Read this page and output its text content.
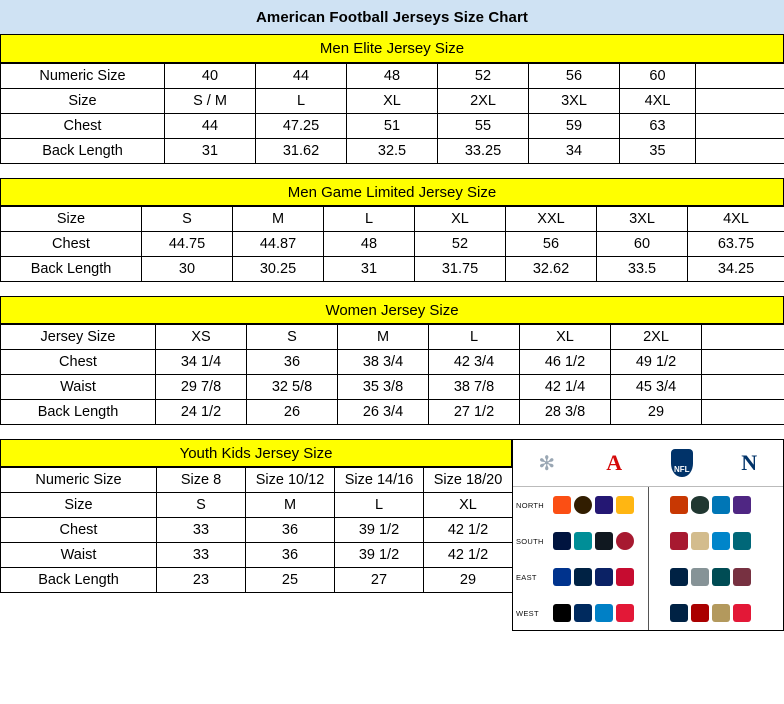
American Football Jerseys Size Chart
Men Elite Jersey Size
Numeric Size	40	44	48	52	56	60	
Size	S / M	L	XL	2XL	3XL	4XL	
Chest	44	47.25	51	55	59	63	
Back Length	31	31.62	32.5	33.25	34	35	
Men Game Limited Jersey Size
Size	S	M	L	XL	XXL	3XL	4XL
Chest	44.75	44.87	48	52	56	60	63.75
Back Length	30	30.25	31	31.75	32.62	33.5	34.25
Women Jersey Size
Jersey Size	XS	S	M	L	XL	2XL	
Chest	34 1/4	36	38 3/4	42 3/4	46 1/2	49 1/2	
Waist	29 7/8	32 5/8	35 3/8	38 7/8	42 1/4	45 3/4	
Back Length	24 1/2	26	26 3/4	27 1/2	28 3/8	29	
Youth Kids Jersey Size
Numeric Size	Size 8	Size 10/12	Size 14/16	Size 18/20
Size	S	M	L	XL
Chest	33	36	39 1/2	42 1/2
Waist	33	36	39 1/2	42 1/2
Back Length	23	25	27	29
✻ A	NFL N
NORTH
SOUTH
EAST
WEST
